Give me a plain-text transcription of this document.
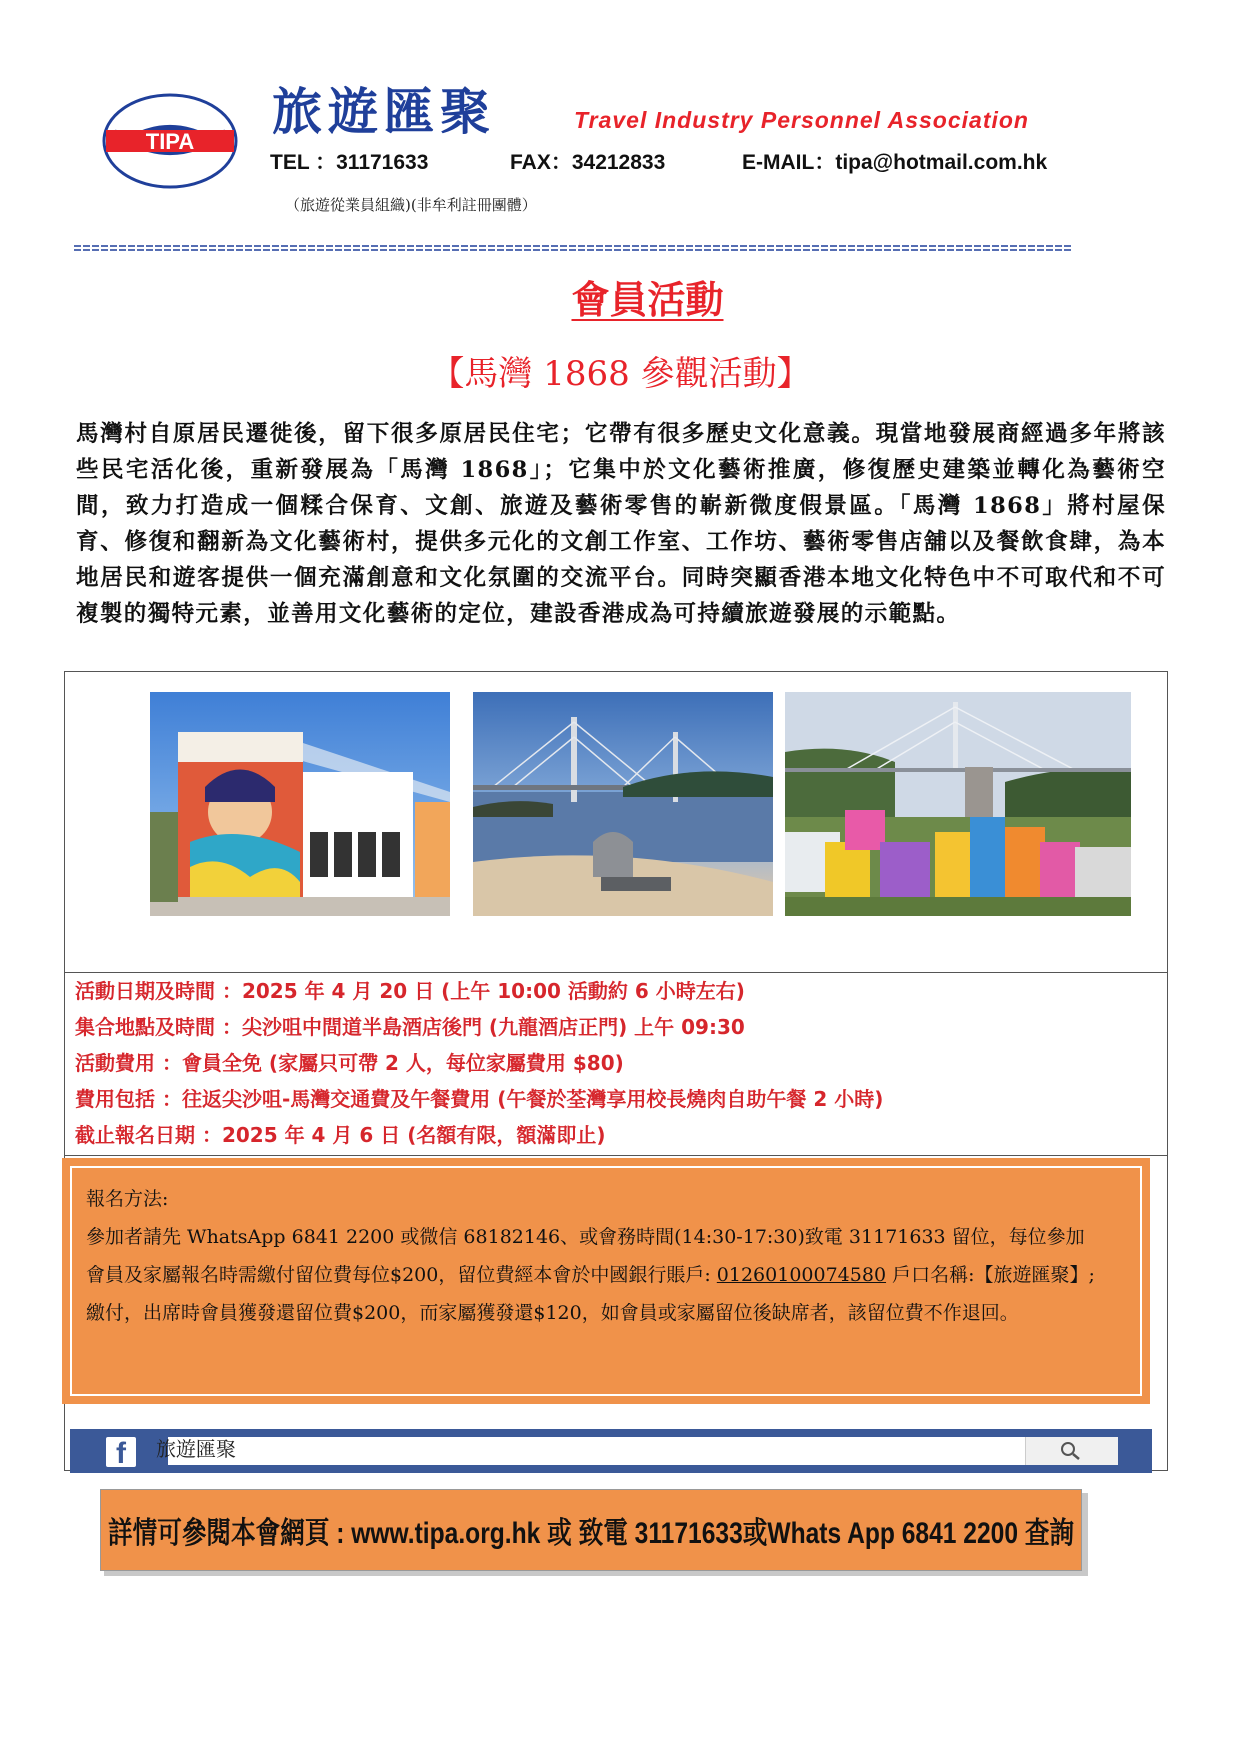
TIPA
旅遊匯聚	Travel Industry Personnel Association
TEL ：31171633	FAX：34212833	E-MAIL：tipa@hotmail.com.hk
（旅遊從業員組織)(非牟利註冊團體）
會員活動
【馬灣 1868 參觀活動】
馬灣村自原居民遷徙後，留下很多原居民住宅；它帶有很多歷史文化意義。現當地發展商經過多年將該些民宅活化後，重新發展為「馬灣 1868」；它集中於文化藝術推廣，修復歷史建築並轉化為藝術空間，致力打造成一個糅合保育、文創、旅遊及藝術零售的嶄新微度假景區。「馬灣 1868」將村屋保育、修復和翻新為文化藝術村，提供多元化的文創工作室、工作坊、藝術零售店舖以及餐飲食肆，為本地居民和遊客提供一個充滿創意和文化氛圍的交流平台。同時突顯香港本地文化特色中不可取代和不可複製的獨特元素，並善用文化藝術的定位，建設香港成為可持續旅遊發展的示範點。
活動日期及時間 ：2025 年 4 月 20 日 (上午 10:00 活動約 6 小時左右)
集合地點及時間 ：尖沙咀中間道半島酒店後門 (九龍酒店正門) 上午 09:30
活動費用 ：會員全免 (家屬只可帶 2 人，每位家屬費用 $80)
費用包括 ：往返尖沙咀-馬灣交通費及午餐費用 (午餐於荃灣享用校長燒肉自助午餐 2 小時)
截止報名日期 ：2025 年 4 月 6 日 (名額有限，額滿即止)
報名方法:
參加者請先 WhatsApp 6841 2200 或微信 68182146、或會務時間(14:30-17:30)致電 31171633 留位，每位參加會員及家屬報名時需繳付留位費每位$200，留位費經本會於中國銀行賬戶: 01260100074580 戶口名稱:【旅遊匯聚】; 繳付，出席時會員獲發還留位費$200，而家屬獲發還$120，如會員或家屬留位後缺席者，該留位費不作退回。
f 旅遊匯聚
詳情可參閱本會網頁 : www.tipa.org.hk 或 致電 31171633或Whats App 6841 2200 查詢
